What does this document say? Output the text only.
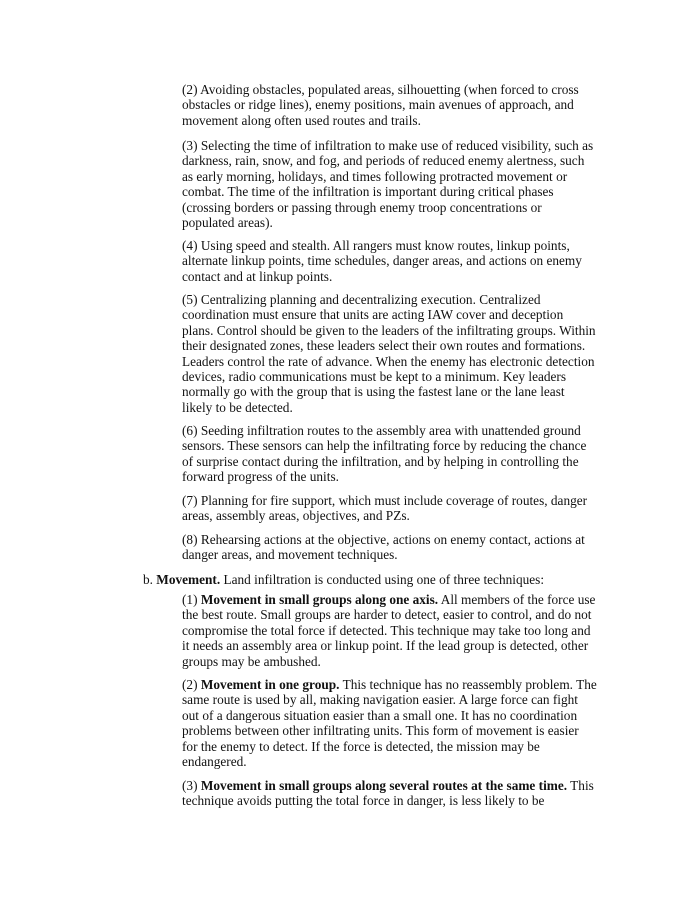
(2) Avoiding obstacles, populated areas, silhouetting (when forced to cross obstacles or ridge lines), enemy positions, main avenues of approach, and movement along often used routes and trails.

(3) Selecting the time of infiltration to make use of reduced visibility, such as darkness, rain, snow, and fog, and periods of reduced enemy alertness, such as early morning, holidays, and times following protracted movement or combat. The time of the infiltration is important during critical phases (crossing borders or passing through enemy troop concentrations or populated areas).

(4) Using speed and stealth. All rangers must know routes, linkup points, alternate linkup points, time schedules, danger areas, and actions on enemy contact and at linkup points.

(5) Centralizing planning and decentralizing execution. Centralized coordination must ensure that units are acting IAW cover and deception plans. Control should be given to the leaders of the infiltrating groups. Within their designated zones, these leaders select their own routes and formations. Leaders control the rate of advance. When the enemy has electronic detection devices, radio communications must be kept to a minimum. Key leaders normally go with the group that is using the fastest lane or the lane least likely to be detected.

(6) Seeding infiltration routes to the assembly area with unattended ground sensors. These sensors can help the infiltrating force by reducing the chance of surprise contact during the infiltration, and by helping in controlling the forward progress of the units.

(7) Planning for fire support, which must include coverage of routes, danger areas, assembly areas, objectives, and PZs.

(8) Rehearsing actions at the objective, actions on enemy contact, actions at danger areas, and movement techniques.

b. Movement. Land infiltration is conducted using one of three techniques:

(1) Movement in small groups along one axis. All members of the force use the best route. Small groups are harder to detect, easier to control, and do not compromise the total force if detected. This technique may take too long and it needs an assembly area or linkup point. If the lead group is detected, other groups may be ambushed.

(2) Movement in one group. This technique has no reassembly problem. The same route is used by all, making navigation easier. A large force can fight out of a dangerous situation easier than a small one. It has no coordination problems between other infiltrating units. This form of movement is easier for the enemy to detect. If the force is detected, the mission may be endangered.

(3) Movement in small groups along several routes at the same time. This technique avoids putting the total force in danger, is less likely to be
